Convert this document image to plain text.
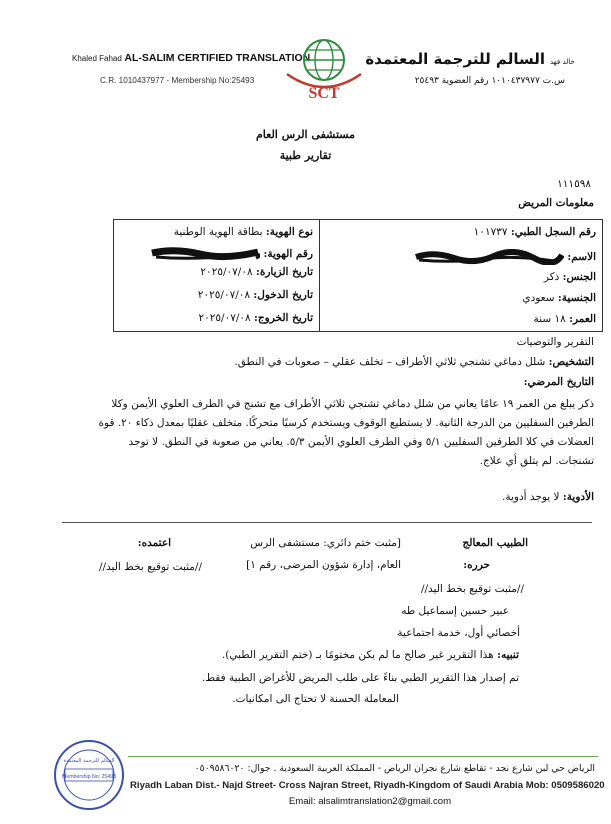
Khaled Fahad AL-SALIM CERTIFIED TRANSLATION
C.R. 1010437977 - Membership No:25493
SCT
السالم للترجمة المعتمدة خالد فهد
س.ت ١٠١٠٤٣٧٩٧٧ رقم العضوية ٢٥٤٩٣
مستشفى الرس العام
تقارير طبية
١١١٥٩٨
معلومات المريض
رقم السجل الطبي: ١٠١٧٣٧
الاسم:
الجنس: ذكر
الجنسية: سعودي
العمر: ١٨ سنة
نوع الهوية: بطاقة الهوية الوطنية
رقم الهوية:
تاريخ الزيارة: ٢٠٢٥/٠٧/٠٨
تاريخ الدخول: ٢٠٢٥/٠٧/٠٨
تاريخ الخروج: ٢٠٢٥/٠٧/٠٨
التقرير والتوصيات
التشخيص: شلل دماغي تشنجي ثلاثي الأطراف – تخلف عقلي – صعوبات في النطق.
التاريخ المرضي:
ذكر يبلغ من العمر ١٩ عامًا يعاني من شلل دماغي تشنجي ثلاثي الأطراف مع تشنج في الطرف العلوي الأيمن وكلا
الطرفين السفليين من الدرجة الثانية. لا يستطيع الوقوف ويستخدم كرسيًا متحركًا. متخلف عقليًا بمعدل ذكاء ٢٠. قوة
العضلات في كلا الطرفين السفليين ٥/١ وفي الطرف العلوي الأيمن ٥/٣. يعاني من صعوبة في النطق. لا توجد
تشنجات. لم يتلق أي علاج.
الأدوية: لا يوجد أدوية.
الطبيب المعالج
[مثبت ختم دائري: مستشفى الرس
اعتمده:
حرره:
العام، إدارة شؤون المرضى، رقم ١]
//مثبت توقيع بخط اليد//
//مثبت توقيع بخط اليد//
عبير حسين إسماعيل طه
أخصائي أول، خدمة اجتماعية
تنبيه: هذا التقرير غير صالح ما لم يكن مختومًا بـ (ختم التقرير الطبي).
تم إصدار هذا التقرير الطبي بناءً على طلب المريض للأغراض الطبية فقط.
المعاملة الحسنة لا تحتاج الى امكانيات.
السالم للترجمة المعتمدة
Membership No: 25493
الرياض حي لبن شارع نجد - تقاطع شارع نجران الرياض - المملكة العربية السعودية . جوال: ٠٥٠٩٥٨٦٠٢٠
Riyadh Laban Dist.- Najd Street- Cross Najran Street, Riyadh-Kingdom of Saudi Arabia Mob: 0509586020
Email: alsalimtranslation2@gmail.com
